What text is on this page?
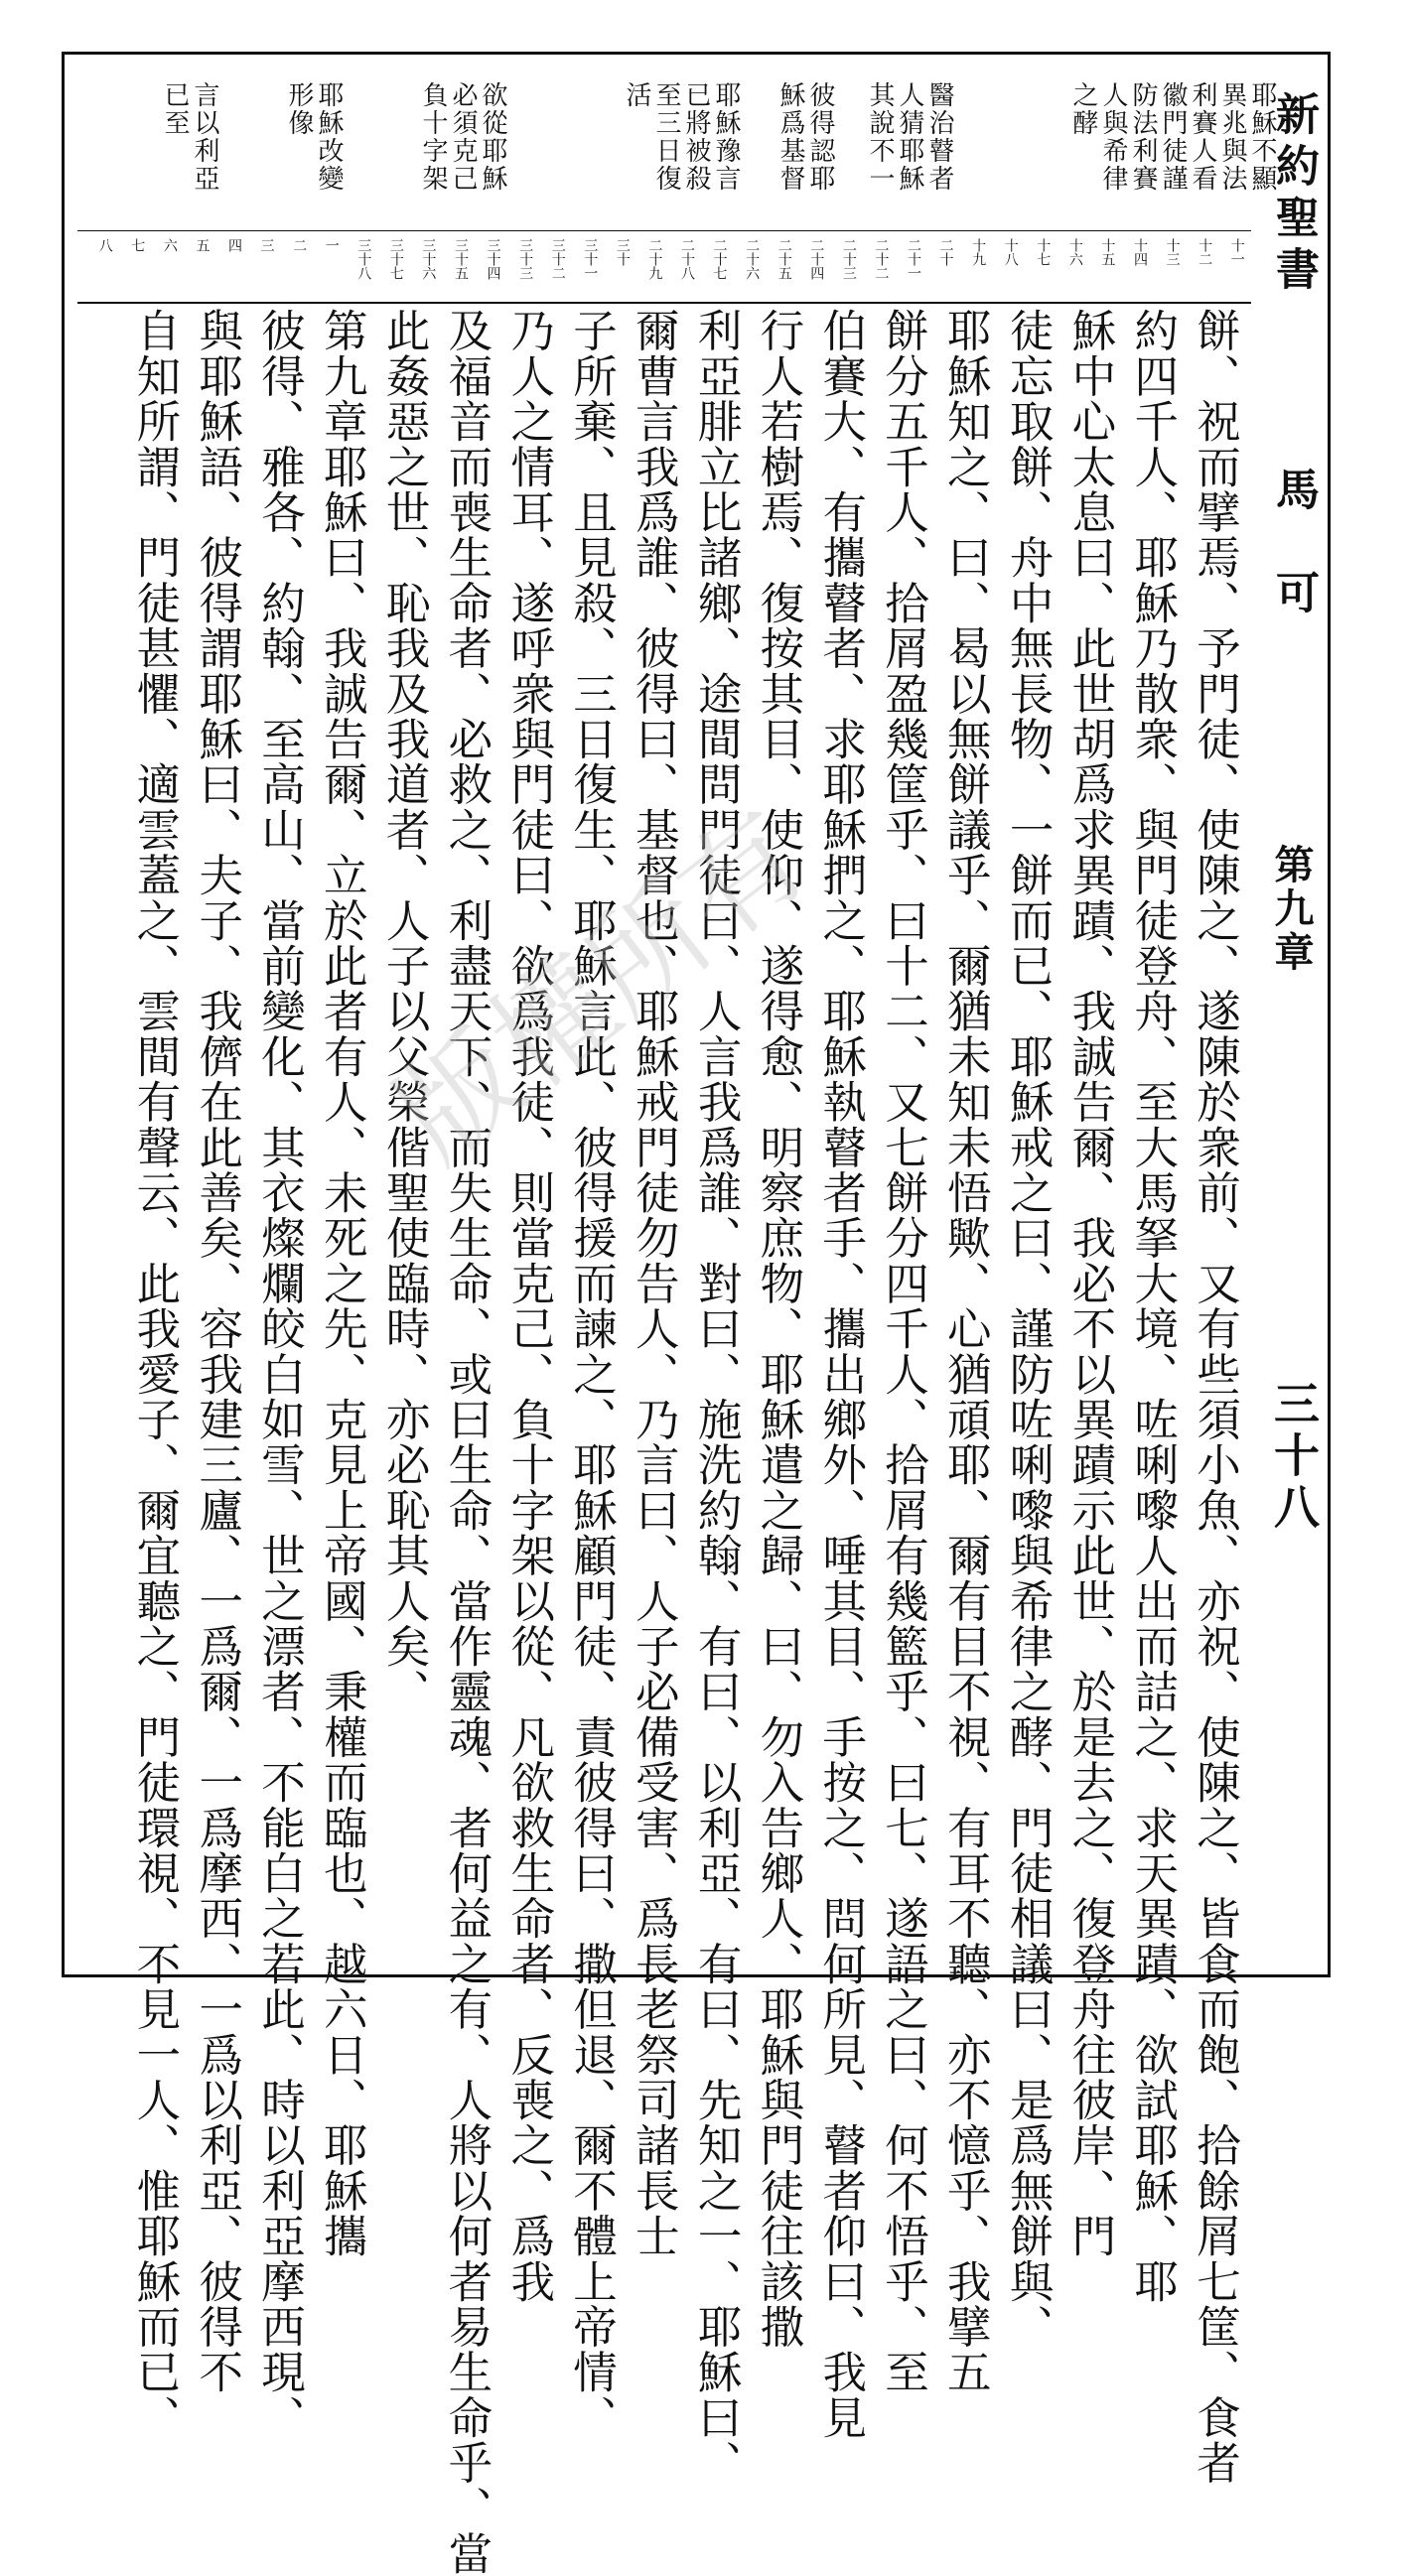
新約聖書
馬可
第九章
三十八
耶穌不顯
異兆與法
利賽人看
徽門徒謹
防法利賽
人與希律
之酵
醫治瞽者
人猜耶穌
其說不一
彼得認耶
穌爲基督
耶穌豫言
已將被殺
至三日復
活
欲從耶穌
必須克己
負十字架
耶穌改變
形像
言以利亞
已至
十一
十二
十三
十四
十五
十六
十七
十八
十九
二十
二十一
二十二
二十三
二十四
二十五
二十六
二十七
二十八
二十九
三十
三十一
三十二
三十三
三十四
三十五
三十六
三十七
三十八
一
二
三
四
五
六
七
八
餅、祝而擘焉、予門徒、使陳之、遂陳於衆前、又有些須小魚、亦祝、使陳之、皆食而飽、拾餘屑七筐、食者
約四千人、耶穌乃散衆、與門徒登舟、至大馬拏大境、咗唎嚟人出而詰之、求天異蹟、欲試耶穌、耶
穌中心太息曰、此世胡爲求異蹟、我誠告爾、我必不以異蹟示此世、於是去之、復登舟往彼岸、門
徒忘取餅、舟中無長物、一餅而已、耶穌戒之曰、謹防咗唎嚟與希律之酵、門徒相議曰、是爲無餅與、
耶穌知之、曰、曷以無餅議乎、爾猶未知未悟歟、心猶頑耶、爾有目不視、有耳不聽、亦不憶乎、我擘五
餅分五千人、拾屑盈幾筐乎、曰十二、又七餅分四千人、拾屑有幾籃乎、曰七、遂語之曰、何不悟乎、至
伯賽大、有攜瞽者、求耶穌捫之、耶穌執瞽者手、攜出鄉外、唾其目、手按之、問何所見、瞽者仰曰、我見
行人若樹焉、復按其目、使仰、遂得愈、明察庶物、耶穌遣之歸、曰、勿入告鄉人、耶穌與門徒往該撒
利亞腓立比諸鄉、途間問門徒曰、人言我爲誰、對曰、施洗約翰、有曰、以利亞、有曰、先知之一、耶穌曰、
爾曹言我爲誰、彼得曰、基督也、耶穌戒門徒勿告人、乃言曰、人子必備受害、爲長老祭司諸長士
子所棄、且見殺、三日復生、耶穌言此、彼得援而諫之、耶穌顧門徒、責彼得曰、撒但退、爾不體上帝情、
乃人之情耳、遂呼衆與門徒曰、欲爲我徒、則當克己、負十字架以從、凡欲救生命者、反喪之、爲我
及福音而喪生命者、必救之、利盡天下、而失生命、或曰生命、當作靈魂、者何益之有、人將以何者易生命乎、當
此姦惡之世、恥我及我道者、人子以父榮偕聖使臨時、亦必恥其人矣、
第九章耶穌曰、我誠告爾、立於此者有人、未死之先、克見上帝國、秉權而臨也、越六日、耶穌攜
彼得、雅各、約翰、至高山、當前變化、其衣燦爛皎白如雪、世之漂者、不能白之若此、時以利亞摩西現、
與耶穌語、彼得謂耶穌曰、夫子、我儕在此善矣、容我建三廬、一爲爾、一爲摩西、一爲以利亞、彼得不
自知所謂、門徒甚懼、適雲蓋之、雲間有聲云、此我愛子、爾宜聽之、門徒環視、不見一人、惟耶穌而已、 版權所有
